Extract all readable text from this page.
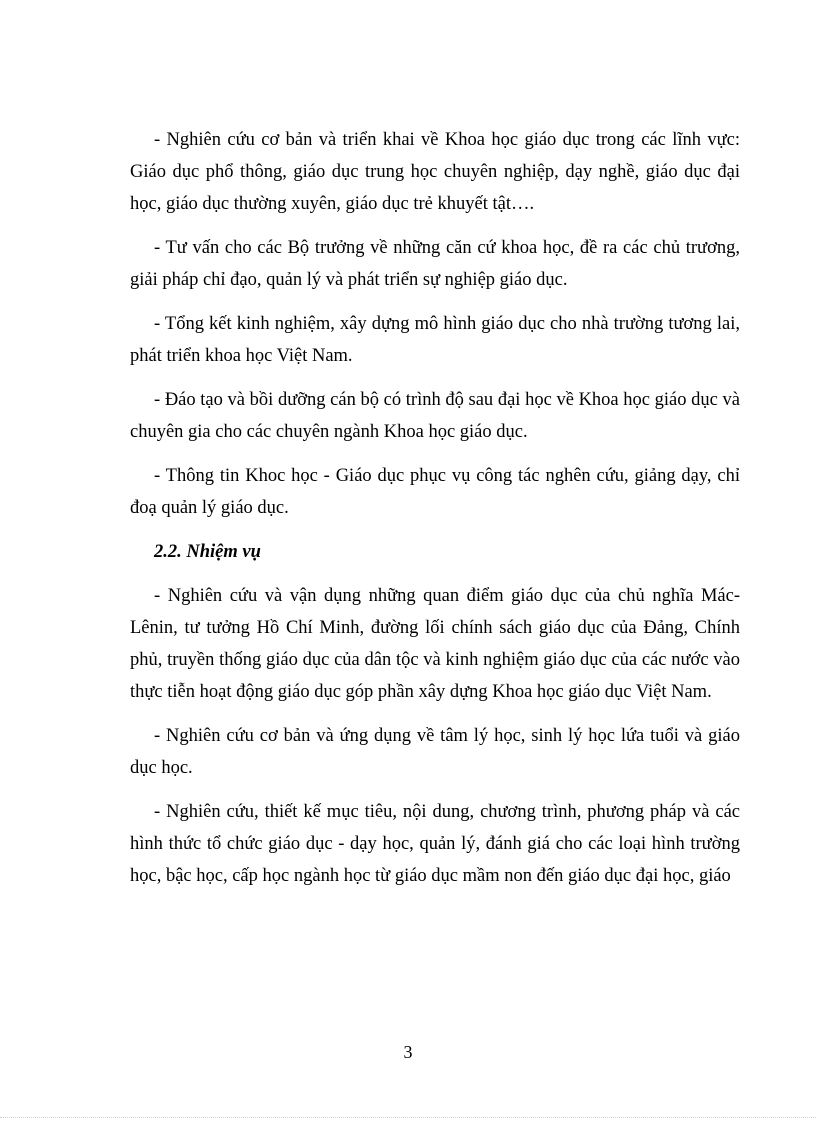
- Nghiên cứu cơ bản và triển khai về Khoa học giáo dục trong các lĩnh vực: Giáo dục phổ thông, giáo dục trung học chuyên nghiệp, dạy nghề, giáo dục đại học, giáo dục thường xuyên, giáo dục trẻ khuyết tật….

- Tư vấn cho các Bộ trưởng về những căn cứ khoa học, đề ra các chủ trương, giải pháp chỉ đạo, quản lý và phát triển sự nghiệp giáo dục.

- Tổng kết kinh nghiệm, xây dựng mô hình giáo dục cho nhà trường tương lai, phát triển khoa học Việt Nam.

- Đáo tạo và bồi dưỡng cán bộ có trình độ sau đại học về Khoa học giáo dục và chuyên gia cho các chuyên ngành Khoa học giáo dục.

- Thông tin Khoc học - Giáo dục phục vụ công tác nghên cứu, giảng dạy, chỉ đoạ quản lý giáo dục.

2.2. Nhiệm vụ

- Nghiên cứu và vận dụng những quan điểm giáo dục của chủ nghĩa Mác-Lênin, tư tưởng Hồ Chí Minh, đường lối chính sách giáo dục của Đảng, Chính phủ, truyền thống giáo dục của dân tộc và kinh nghiệm giáo dục của các nước vào thực tiễn hoạt động giáo dục góp phần xây dựng Khoa học giáo dục Việt Nam.

- Nghiên cứu cơ bản và ứng dụng về tâm lý học, sinh lý học lứa tuổi và giáo dục học.

- Nghiên cứu, thiết kế mục tiêu, nội dung, chương trình, phương pháp và các hình thức tổ chức giáo dục - dạy học, quản lý, đánh giá cho các loại hình trường học, bậc học, cấp học ngành học từ giáo dục mầm non đến giáo dục đại học, giáo

3
